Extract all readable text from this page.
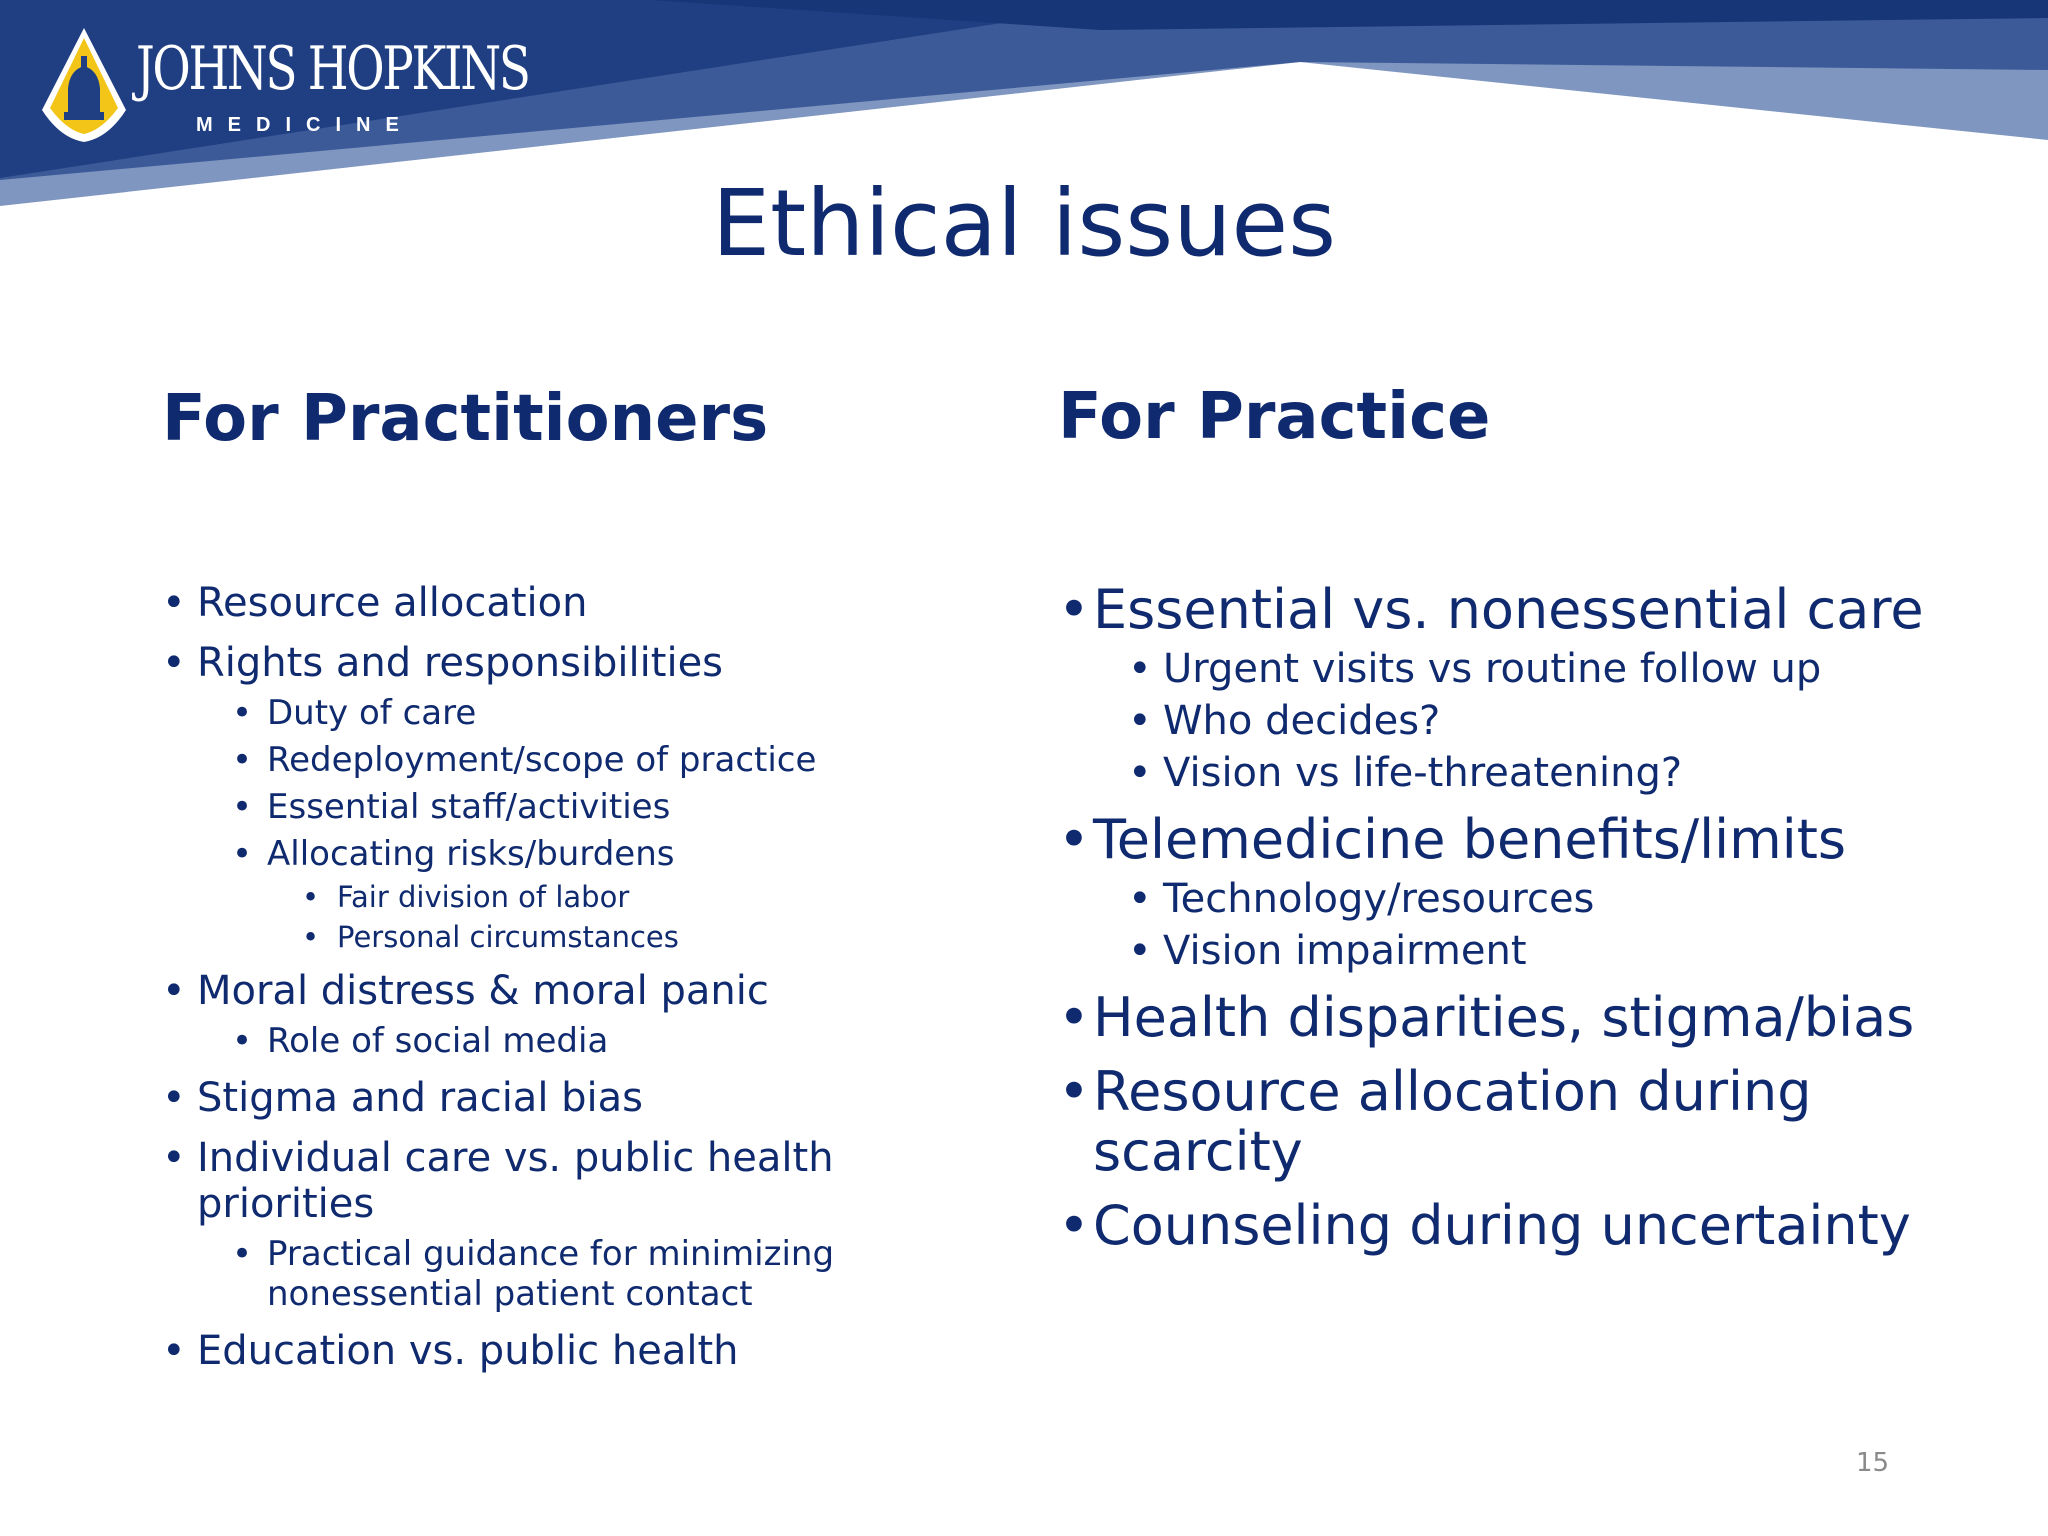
JOHNS HOPKINS
MEDICINE
Ethical issues
For Practitioners	For Practice
• Resource allocation
• Rights and responsibilities
• Duty of care
• Redeployment/scope of practice
• Essential staff/activities
• Allocating risks/burdens
• Fair division of labor
• Personal circumstances
• Moral distress & moral panic
• Role of social media
• Stigma and racial bias
• Individual care vs. public health priorities
• Practical guidance for minimizing nonessential patient contact
• Education vs. public health
• Essential vs. nonessential care
• Urgent visits vs routine follow up
• Who decides?
• Vision vs life-threatening?
• Telemedicine benefits/limits
• Technology/resources
• Vision impairment
• Health disparities, stigma/bias
• Resource allocation during scarcity
• Counseling during uncertainty
15
